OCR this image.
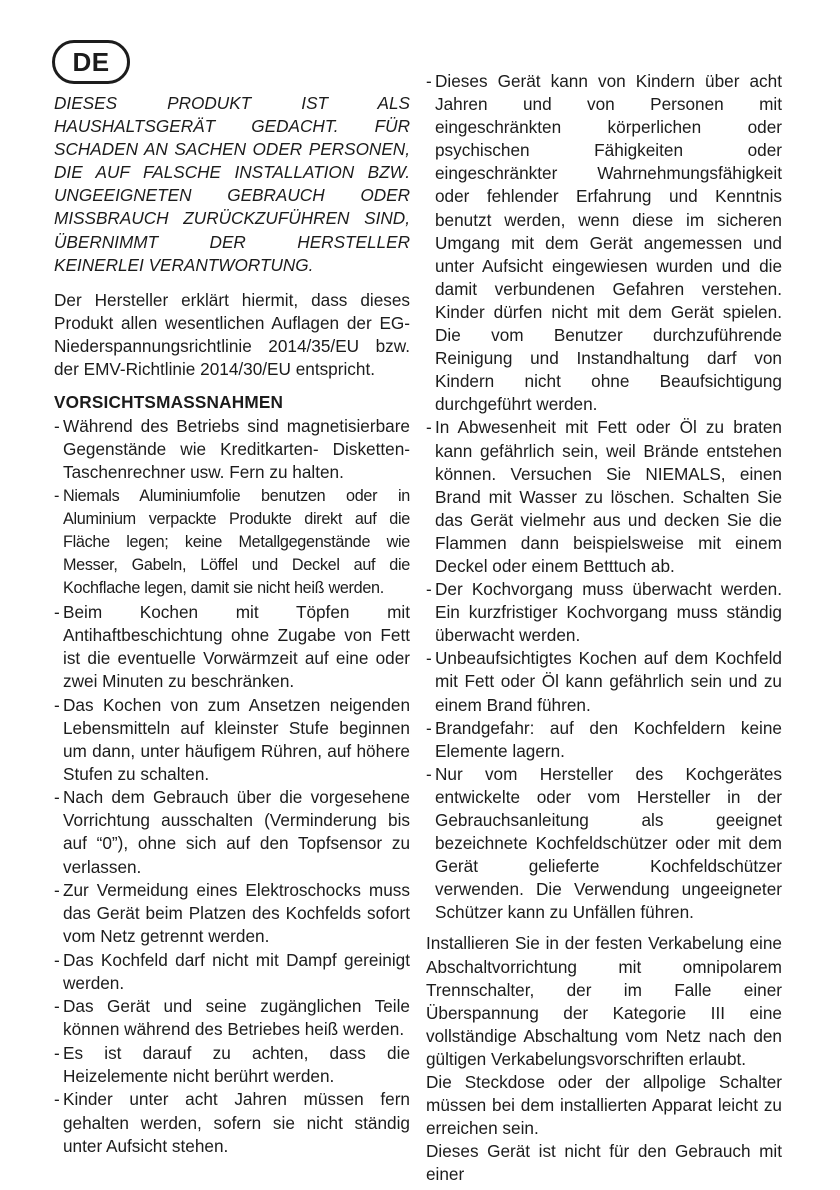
DE

DIESES PRODUKT IST ALS HAUSHALTSGERÄT GEDACHT. FÜR SCHADEN AN SACHEN ODER PERSONEN, DIE AUF FALSCHE INSTALLATION BZW. UNGEEIGNETEN GEBRAUCH ODER MISSBRAUCH ZURÜCKZUFÜHREN SIND, ÜBERNIMMT DER HERSTELLER KEINERLEI VERANTWORTUNG.

Der Hersteller erklärt hiermit, dass dieses Produkt allen wesentlichen Auflagen der EG-Niederspannungsrichtlinie 2014/35/EU bzw. der EMV-Richtlinie 2014/30/EU entspricht.

VORSICHTSMASSNAHMEN
- Während des Betriebs sind magnetisierbare Gegenstände wie Kreditkarten- Disketten-Taschenrechner usw. Fern zu halten.
- Niemals Aluminiumfolie benutzen oder in Aluminium verpackte Produkte direkt auf die Fläche legen; keine Metallgegenstände wie Messer, Gabeln, Löffel und Deckel auf die Kochflache legen, damit sie nicht heiß werden.
- Beim Kochen mit Töpfen mit Antihaftbeschichtung ohne Zugabe von Fett ist die eventuelle Vorwärmzeit auf eine oder zwei Minuten zu beschränken.
- Das Kochen von zum Ansetzen neigenden Lebensmitteln auf kleinster Stufe beginnen um dann, unter häufigem Rühren, auf höhere Stufen zu schalten.
- Nach dem Gebrauch über die vorgesehene Vorrichtung ausschalten (Verminderung bis auf “0”), ohne sich auf den Topfsensor zu verlassen.
- Zur Vermeidung eines Elektroschocks muss das Gerät beim Platzen des Kochfelds sofort vom Netz getrennt werden.
- Das Kochfeld darf nicht mit Dampf gereinigt werden.
- Das Gerät und seine zugänglichen Teile können während des Betriebes heiß werden.
- Es ist darauf zu achten, dass die Heizelemente nicht berührt werden.
- Kinder unter acht Jahren müssen fern gehalten werden, sofern sie nicht ständig unter Aufsicht stehen.
- Dieses Gerät kann von Kindern über acht Jahren und von Personen mit eingeschränkten körperlichen oder psychischen Fähigkeiten oder eingeschränkter Wahrnehmungsfähigkeit oder fehlender Erfahrung und Kenntnis benutzt werden, wenn diese im sicheren Umgang mit dem Gerät angemessen und unter Aufsicht eingewiesen wurden und die damit verbundenen Gefahren verstehen. Kinder dürfen nicht mit dem Gerät spielen. Die vom Benutzer durchzuführende Reinigung und Instandhaltung darf von Kindern nicht ohne Beaufsichtigung durchgeführt werden.
- In Abwesenheit mit Fett oder Öl zu braten kann gefährlich sein, weil Brände entstehen können. Versuchen Sie NIEMALS, einen Brand mit Wasser zu löschen. Schalten Sie das Gerät vielmehr aus und decken Sie die Flammen dann beispielsweise mit einem Deckel oder einem Betttuch ab.
- Der Kochvorgang muss überwacht werden. Ein kurzfristiger Kochvorgang muss ständig überwacht werden.
- Unbeaufsichtigtes Kochen auf dem Kochfeld mit Fett oder Öl kann gefährlich sein und zu einem Brand führen.
- Brandgefahr: auf den Kochfeldern keine Elemente lagern.
- Nur vom Hersteller des Kochgerätes entwickelte oder vom Hersteller in der Gebrauchsanleitung als geeignet bezeichnete Kochfeldschützer oder mit dem Gerät gelieferte Kochfeldschützer verwenden. Die Verwendung ungeeigneter Schützer kann zu Unfällen führen.

Installieren Sie in der festen Verkabelung eine Abschaltvorrichtung mit omnipolarem Trennschalter, der im Falle einer Überspannung der Kategorie III eine vollständige Abschaltung vom Netz nach den gültigen Verkabelungsvorschriften erlaubt.

Die Steckdose oder der allpolige Schalter müssen bei dem installierten Apparat leicht zu erreichen sein.

Dieses Gerät ist nicht für den Gebrauch mit einer
